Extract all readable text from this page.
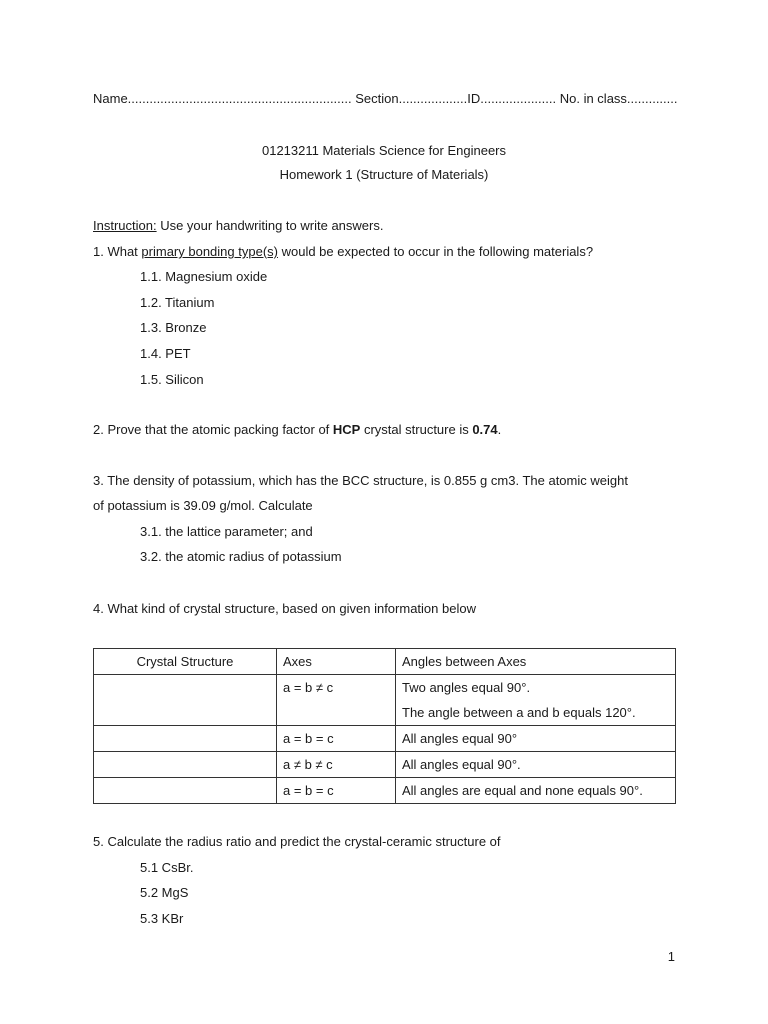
Name.............................................................. Section...................ID..................... No. in class..............
01213211 Materials Science for Engineers
Homework 1 (Structure of Materials)
Instruction: Use your handwriting to write answers.
1. What primary bonding type(s) would be expected to occur in the following materials?
1.1. Magnesium oxide
1.2. Titanium
1.3. Bronze
1.4. PET
1.5. Silicon
2. Prove that the atomic packing factor of HCP crystal structure is 0.74.
3. The density of potassium, which has the BCC structure, is 0.855 g cm3. The atomic weight
of potassium is 39.09 g/mol. Calculate
3.1. the lattice parameter; and
3.2. the atomic radius of potassium
4. What kind of crystal structure, based on given information below
Crystal Structure	Axes	Angles between Axes
	a = b ≠ c	Two angles equal 90°.
The angle between a and b equals 120°.

	a = b = c	All angles equal 90°
	a ≠ b ≠ c	All angles equal 90°.
	a = b = c	All angles are equal and none equals 90°.
5. Calculate the radius ratio and predict the crystal-ceramic structure of
5.1 CsBr.
5.2 MgS
5.3 KBr
1
